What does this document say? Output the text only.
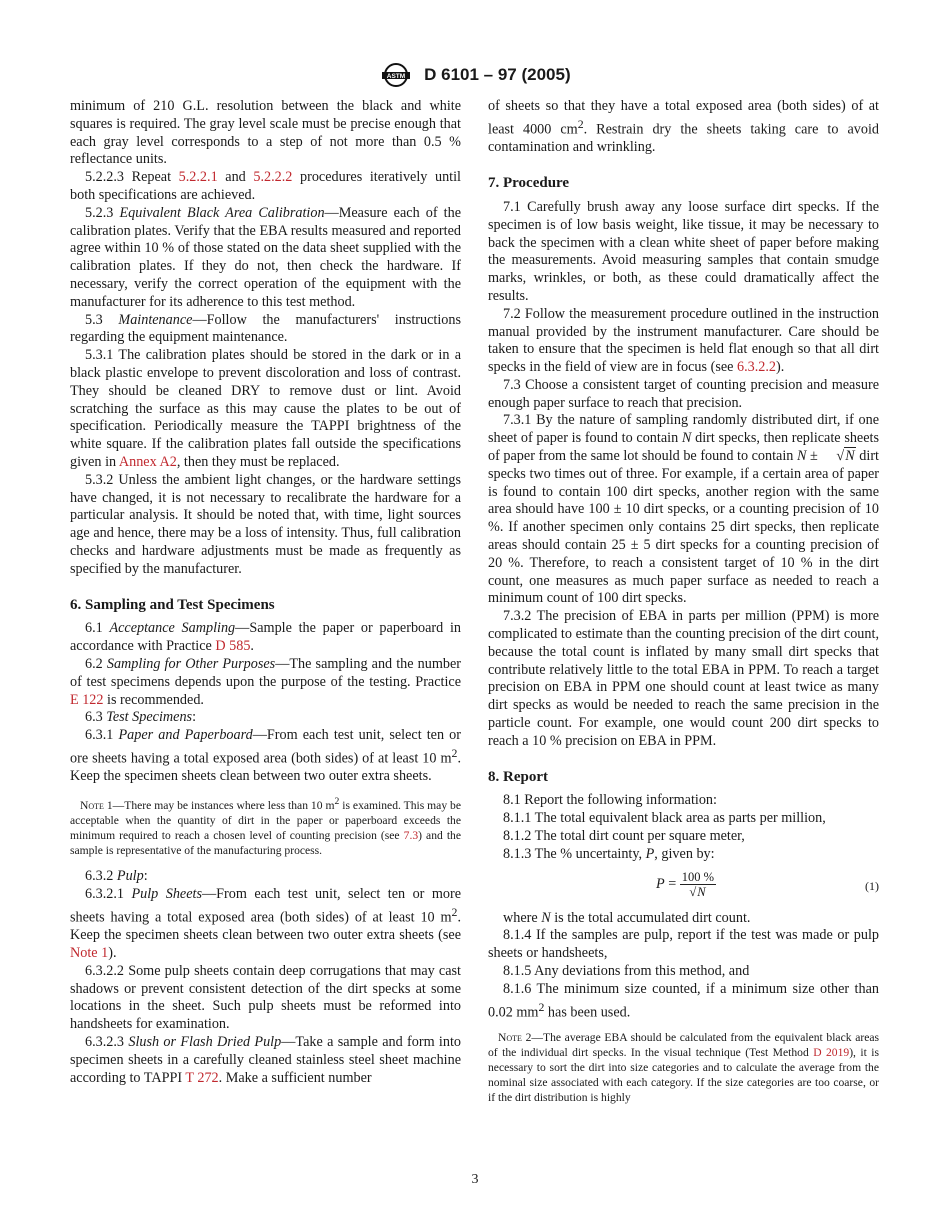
ASTM D 6101 – 97 (2005)

minimum of 210 G.L. resolution between the black and white squares is required. The gray level scale must be precise enough that each gray level corresponds to a step of not more than 0.5 % reflectance units.

5.2.2.3 Repeat 5.2.2.1 and 5.2.2.2 procedures iteratively until both specifications are achieved.

5.2.3 Equivalent Black Area Calibration—Measure each of the calibration plates. Verify that the EBA results measured and reported agree within 10 % of those stated on the data sheet supplied with the calibration plates. If they do not, then check the hardware. If necessary, verify the correct operation of the equipment with the manufacturer for its adherence to this test method.

5.3 Maintenance—Follow the manufacturers' instructions regarding the equipment maintenance.

5.3.1 The calibration plates should be stored in the dark or in a black plastic envelope to prevent discoloration and loss of contrast. They should be cleaned DRY to remove dust or lint. Avoid scratching the surface as this may cause the plates to be out of specification. Periodically measure the TAPPI brightness of the white square. If the calibration plates fall outside the specifications given in Annex A2, then they must be replaced.

5.3.2 Unless the ambient light changes, or the hardware settings have changed, it is not necessary to recalibrate the hardware for a particular analysis. It should be noted that, with time, light sources age and hence, there may be a loss of intensity. Thus, full calibration checks and hardware adjustments must be made as frequently as specified by the manufacturer.

6. Sampling and Test Specimens

6.1 Acceptance Sampling—Sample the paper or paperboard in accordance with Practice D 585.

6.2 Sampling for Other Purposes—The sampling and the number of test specimens depends upon the purpose of the testing. Practice E 122 is recommended.

6.3 Test Specimens:

6.3.1 Paper and Paperboard—From each test unit, select ten or ore sheets having a total exposed area (both sides) of at least 10 $m^2$. Keep the specimen sheets clean between two outer extra sheets.

Note 1—There may be instances where less than 10 $m^2$ is examined. This may be acceptable when the quantity of dirt in the paper or paperboard exceeds the minimum required to reach a chosen level of counting precision (see 7.3) and the sample is representative of the manufacturing process.

6.3.2 Pulp:

6.3.2.1 Pulp Sheets—From each test unit, select ten or more sheets having a total exposed area (both sides) of at least 10 $m^2$. Keep the specimen sheets clean between two outer extra sheets (see Note 1).

6.3.2.2 Some pulp sheets contain deep corrugations that may cast shadows or prevent consistent detection of the dirt specks at some locations in the sheet. Such pulp sheets must be reformed into handsheets for examination.

6.3.2.3 Slush or Flash Dried Pulp—Take a sample and form into specimen sheets in a carefully cleaned stainless steel sheet machine according to TAPPI T 272. Make a sufficient number

of sheets so that they have a total exposed area (both sides) of at least 4000 $cm^2$. Restrain dry the sheets taking care to avoid contamination and wrinkling.

7. Procedure

7.1 Carefully brush away any loose surface dirt specks. If the specimen is of low basis weight, like tissue, it may be necessary to back the specimen with a clean white sheet of paper before making the measurements. Avoid measuring samples that contain smudge marks, wrinkles, or both, as these could dramatically affect the results.

7.2 Follow the measurement procedure outlined in the instruction manual provided by the instrument manufacturer. Care should be taken to ensure that the specimen is held flat enough so that all dirt specks in the field of view are in focus (see 6.3.2.2).

7.3 Choose a consistent target of counting precision and measure enough paper surface to reach that precision.

7.3.1 By the nature of sampling randomly distributed dirt, if one sheet of paper is found to contain N dirt specks, then replicate sheets of paper from the same lot should be found to contain N ± √N dirt specks two times out of three. For example, if a certain area of paper is found to contain 100 dirt specks, another region with the same area should have 100 ± 10 dirt specks, or a counting precision of 10 %. If another specimen only contains 25 dirt specks, then replicate areas should contain 25 ± 5 dirt specks for a counting precision of 20 %. Therefore, to reach a consistent target of 10 % in the dirt count, one measures as much paper surface as needed to reach a minimum count of 100 dirt specks.

7.3.2 The precision of EBA in parts per million (PPM) is more complicated to estimate than the counting precision of the dirt count, because the total count is inflated by many small dirt specks that contribute relatively little to the total EBA in PPM. To reach a target precision on EBA in PPM one should count at least twice as many dirt specks as would be needed to reach the same precision in the particle count. For example, one would count 200 dirt specks to reach a 10 % precision on EBA in PPM.

8. Report

8.1 Report the following information:

8.1.1 The total equivalent black area as parts per million,

8.1.2 The total dirt count per square meter,

8.1.3 The % uncertainty, P, given by:

$P = \frac{100 \%}{√N}$	(1)

where N is the total accumulated dirt count.

8.1.4 If the samples are pulp, report if the test was made or pulp sheets or handsheets,

8.1.5 Any deviations from this method, and

8.1.6 The minimum size counted, if a minimum size other than 0.02 $mm^2$ has been used.

Note 2—The average EBA should be calculated from the equivalent black areas of the individual dirt specks. In the visual technique (Test Method D 2019), it is necessary to sort the dirt into size categories and to calculate the average from the nominal size associated with each category. If the size categories are too coarse, or if the dirt distribution is highly

3
